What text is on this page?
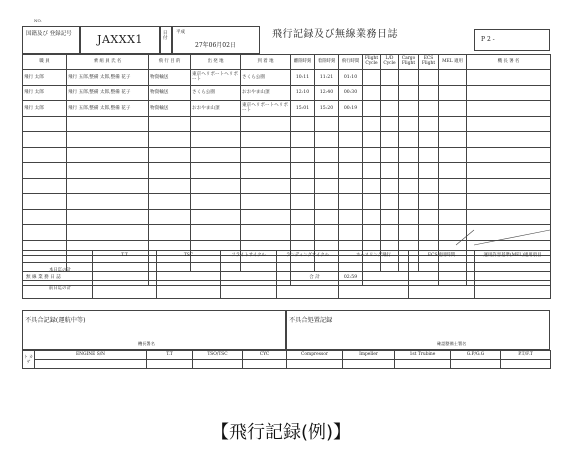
NO.
国籍及び 登録記号	JAXXX1	日 付
平成
27年06月02日
飛行記録及び無線業務日誌	P 2 -
職 員	乗 組 員 氏 名	飛 行 目 的	出 発 地	到 着 地	離陸時刻	着陸時刻	飛行時間	Flight Cycle	L/D Cycle	Cargo Flight	ECS Flight	MEL 適用	機 長 署 名
飛行 太郎	飛行 五郎,整備 太郎,整備 花子	物資輸送	東京ヘリポートヘリポート	さくら公園	10:11	11:21	01:10						
飛行 太郎	飛行 五郎,整備 太郎,整備 花子	物資輸送	さくら公園	おおやま山頂	12:10	12:40	00:30						
飛行 太郎	飛行 五郎,整備 太郎,整備 花子	物資輸送	おおやま山頂	東京ヘリポートヘリポート	15:01	15:20	00:19						

無 線 業 務 日 誌					合 計		02:59						
	T.T	TSC	フライトサイクル	ランディングサイクル	ホースリング飛行	ECS使用時間	運用許容基準(MEL)適用項目
本日迄の計							
前日迄の計							
不具合記録(運航中等)
機長署名
不具合処置記録
確認整備士署名
ト カ ゲ	ENGINE S/N	T.T	TSO/TSC	CYC
				Compressor	Impeller	1st Trubine	G.P/G.G	P.T/F.T

【飛行記録(例)】
